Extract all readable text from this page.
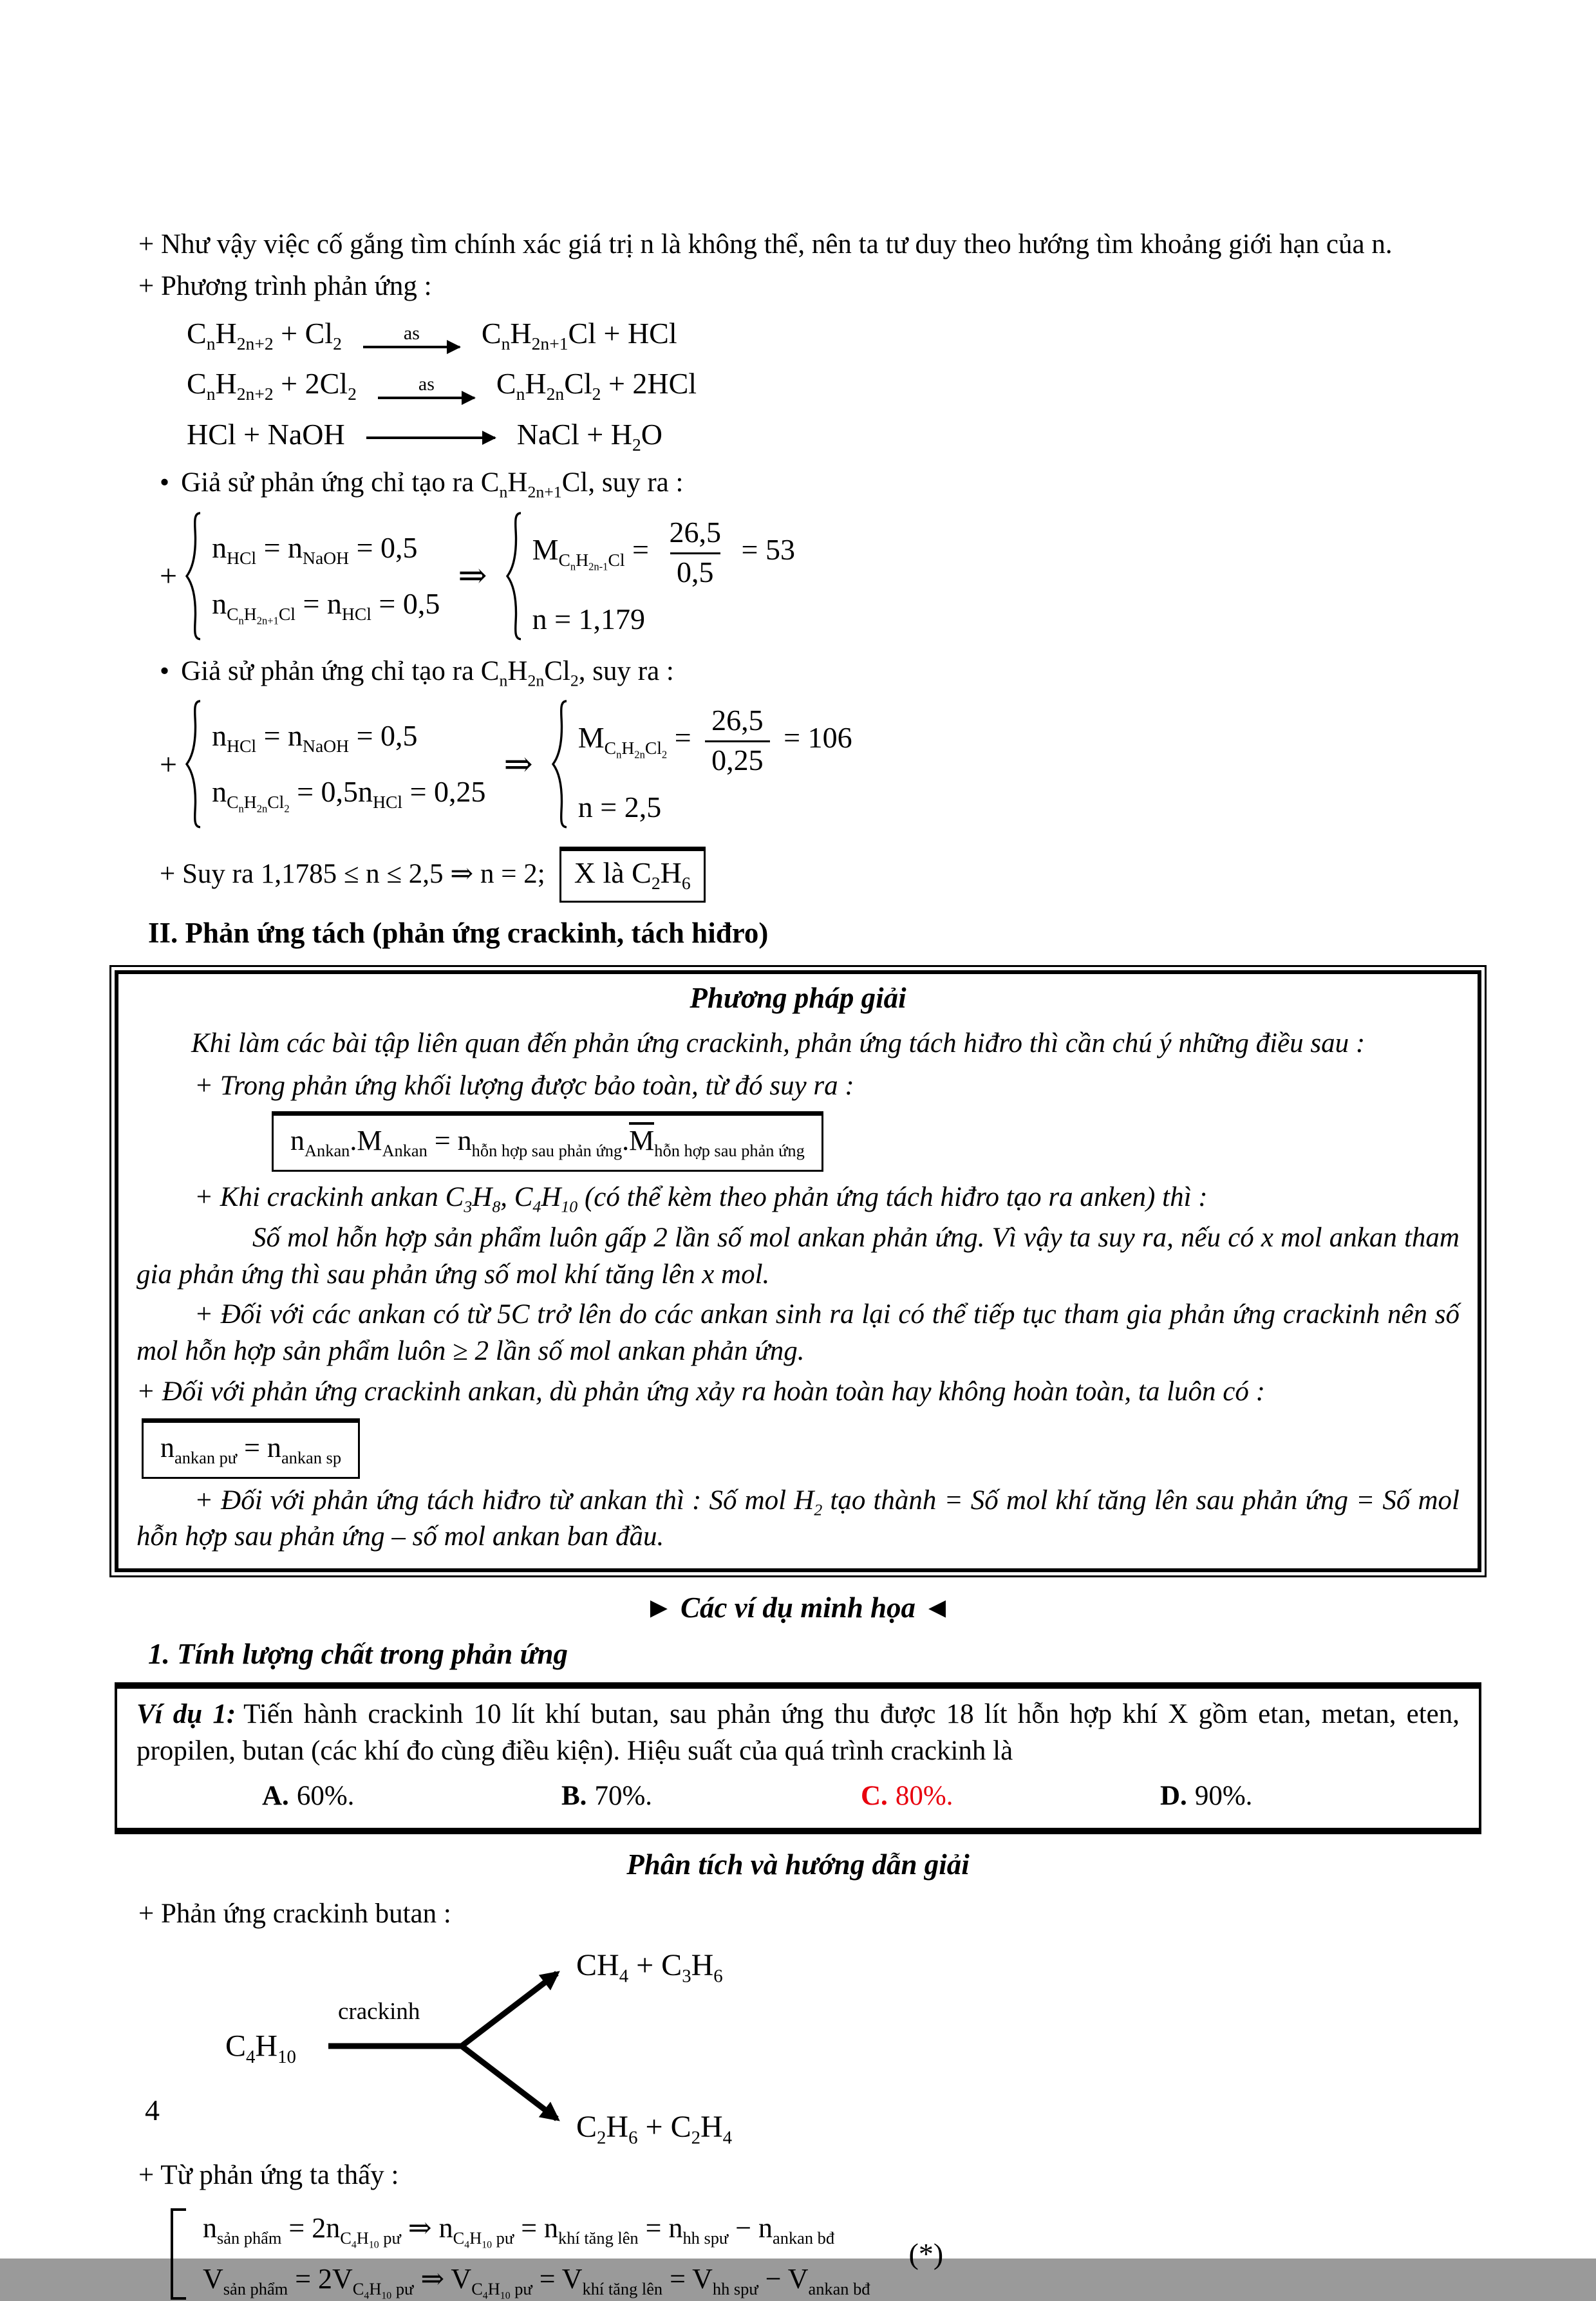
+ Như vậy việc cố gắng tìm chính xác giá trị n là không thể, nên ta tư duy theo hướng tìm khoảng giới hạn của n.

+ Phương trình phản ứng :

$C_nH_{2n+2} + Cl_2$	as $C_nH_{2n+1}Cl$ + HCl
$C_nH_{2n+2} + 2Cl_2$	as $C_nH_{2n}Cl_2 + 2HCl$
HCl + NaOH	NaCl + $H_2O$

• Giả sử phản ứng chỉ tạo ra $C_nH_{2n+1}Cl$, suy ra :

+
$n_{HCl} = n_{NaOH} = 0,5$
$n_{C_nH_{2n+1}Cl} = n_{HCl} = 0,5$
⇒
$M_{C_nH_{2n-1}Cl} = \frac{26,5}{0,5} = 53$
n = 1,179

• Giả sử phản ứng chỉ tạo ra $C_nH_{2n}Cl_2$, suy ra :

+
$n_{HCl} = n_{NaOH} = 0,5$
$n_{C_nH_{2n}Cl_2} = 0,5n_{HCl} = 0,25$
⇒
$M_{C_nH_{2n}Cl_2} = \frac{26,5}{0,25} = 106$
n = 2,5

+ Suy ra 1,1785 ≤ n ≤ 2,5 ⇒ n = 2; X là $C_2H_6$

II. Phản ứng tách (phản ứng crackinh, tách hiđro)
Phương pháp giải

Khi làm các bài tập liên quan đến phản ứng crackinh, phản ứng tách hiđro thì cần chú ý những điều sau :

+ Trong phản ứng khối lượng được bảo toàn, từ đó suy ra :

$n_{Ankan}.M_{Ankan} = n_{hỗn hợp sau phản ứng}.M_{hỗn hợp sau phản ứng}$

+ Khi crackinh ankan $C_3H_8$, $C_4H_{10}$ (có thể kèm theo phản ứng tách hiđro tạo ra anken) thì :

Số mol hỗn hợp sản phẩm luôn gấp 2 lần số mol ankan phản ứng. Vì vậy ta suy ra, nếu có x mol ankan tham gia phản ứng thì sau phản ứng số mol khí tăng lên x mol.

+ Đối với các ankan có từ 5C trở lên do các ankan sinh ra lại có thể tiếp tục tham gia phản ứng crackinh nên số mol hỗn hợp sản phẩm luôn ≥ 2 lần số mol ankan phản ứng.

+ Đối với phản ứng crackinh ankan, dù phản ứng xảy ra hoàn toàn hay không hoàn toàn, ta luôn có :

$n_{ankan pư} = n_{ankan sp}$

+ Đối với phản ứng tách hiđro từ ankan thì : Số mol $H_2$ tạo thành = Số mol khí tăng lên sau phản ứng = Số mol hỗn hợp sau phản ứng – số mol ankan ban đầu.

► Các ví dụ minh họa ◄
1. Tính lượng chất trong phản ứng

Ví dụ 1: Tiến hành crackinh 10 lít khí butan, sau phản ứng thu được 18 lít hỗn hợp khí X gồm etan, metan, eten, propilen, butan (các khí đo cùng điều kiện). Hiệu suất của quá trình crackinh là

A. 60%.	B. 70%.	C. 80%.	D. 90%.
Phân tích và hướng dẫn giải

+ Phản ứng crackinh butan :

$C_4H_{10}$
crackinh
$CH_4 + C_3H_6$
$C_2H_6 + C_2H_4$

+ Từ phản ứng ta thấy :

$n_{sản phẩm} = 2n_{C_4H_{10} pư}$ ⇒ $n_{C_4H_{10} pư} = n_{khí tăng lên} = n_{hh spư} - n_{ankan bđ}$
$V_{sản phẩm} = 2V_{C_4H_{10} pư}$ ⇒ $V_{C_4H_{10} pư} = V_{khí tăng lên} = V_{hh spư} - V_{ankan bđ}$
(*)
4
